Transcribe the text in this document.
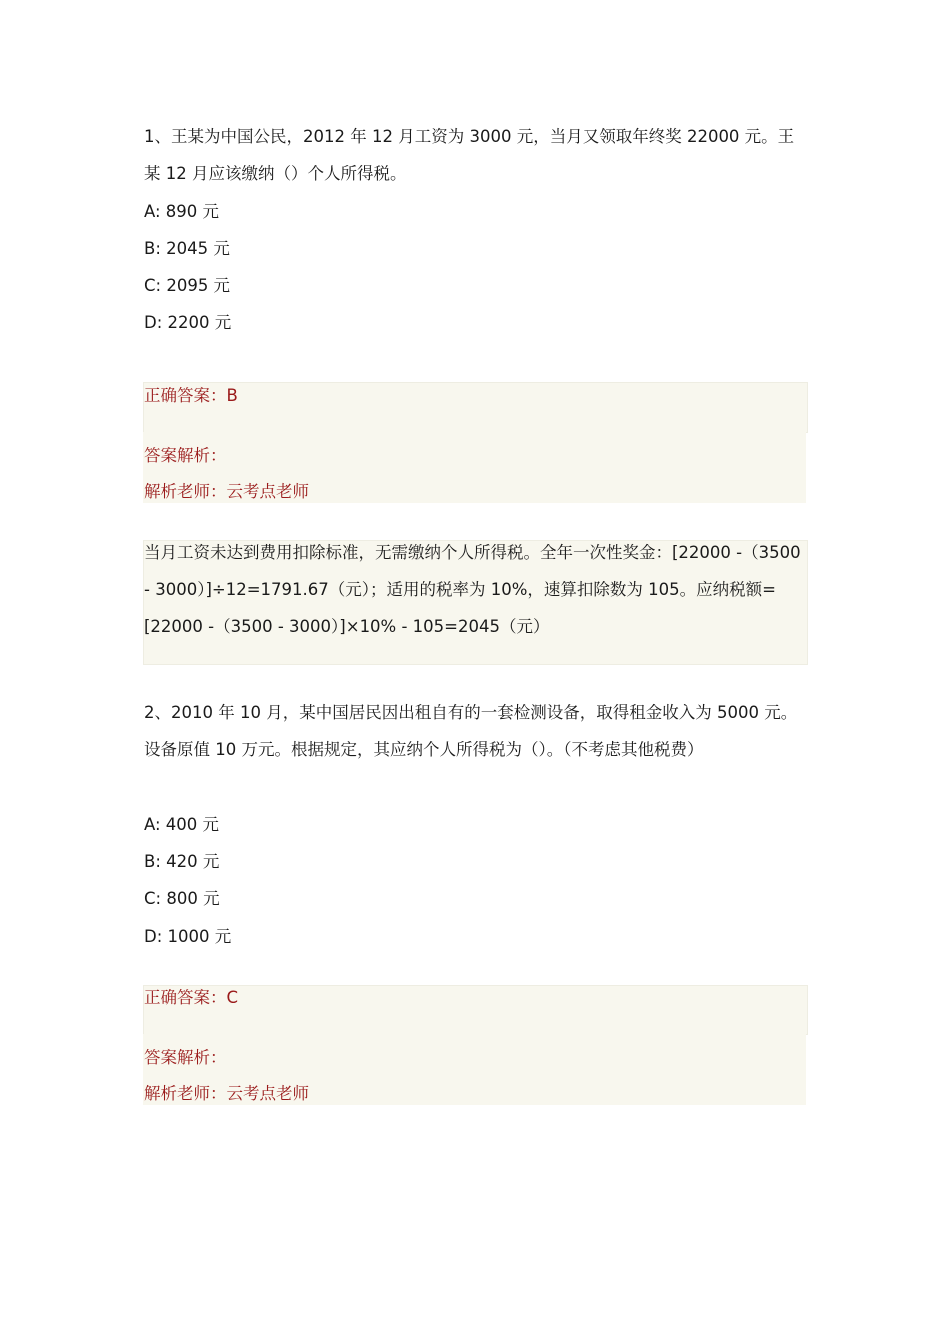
1、王某为中国公民，2012 年 12 月工资为 3000 元，当月又领取年终奖 22000 元。王某 12 月应该缴纳（）个人所得税。
A: 890 元
B: 2045 元
C: 2095 元
D: 2200 元
正确答案：B
答案解析：
解析老师：云考点老师
当月工资未达到费用扣除标准，无需缴纳个人所得税。全年一次性奖金：[22000 -（3500 - 3000）]÷12=1791.67（元）；适用的税率为 10%，速算扣除数为 105。应纳税额=[22000 -（3500 - 3000）]×10% - 105=2045（元）
2、2010 年 10 月，某中国居民因出租自有的一套检测设备，取得租金收入为 5000 元。设备原值 10 万元。根据规定，其应纳个人所得税为（）。（不考虑其他税费）
A: 400 元
B: 420 元
C: 800 元
D: 1000 元
正确答案：C
答案解析：
解析老师：云考点老师
